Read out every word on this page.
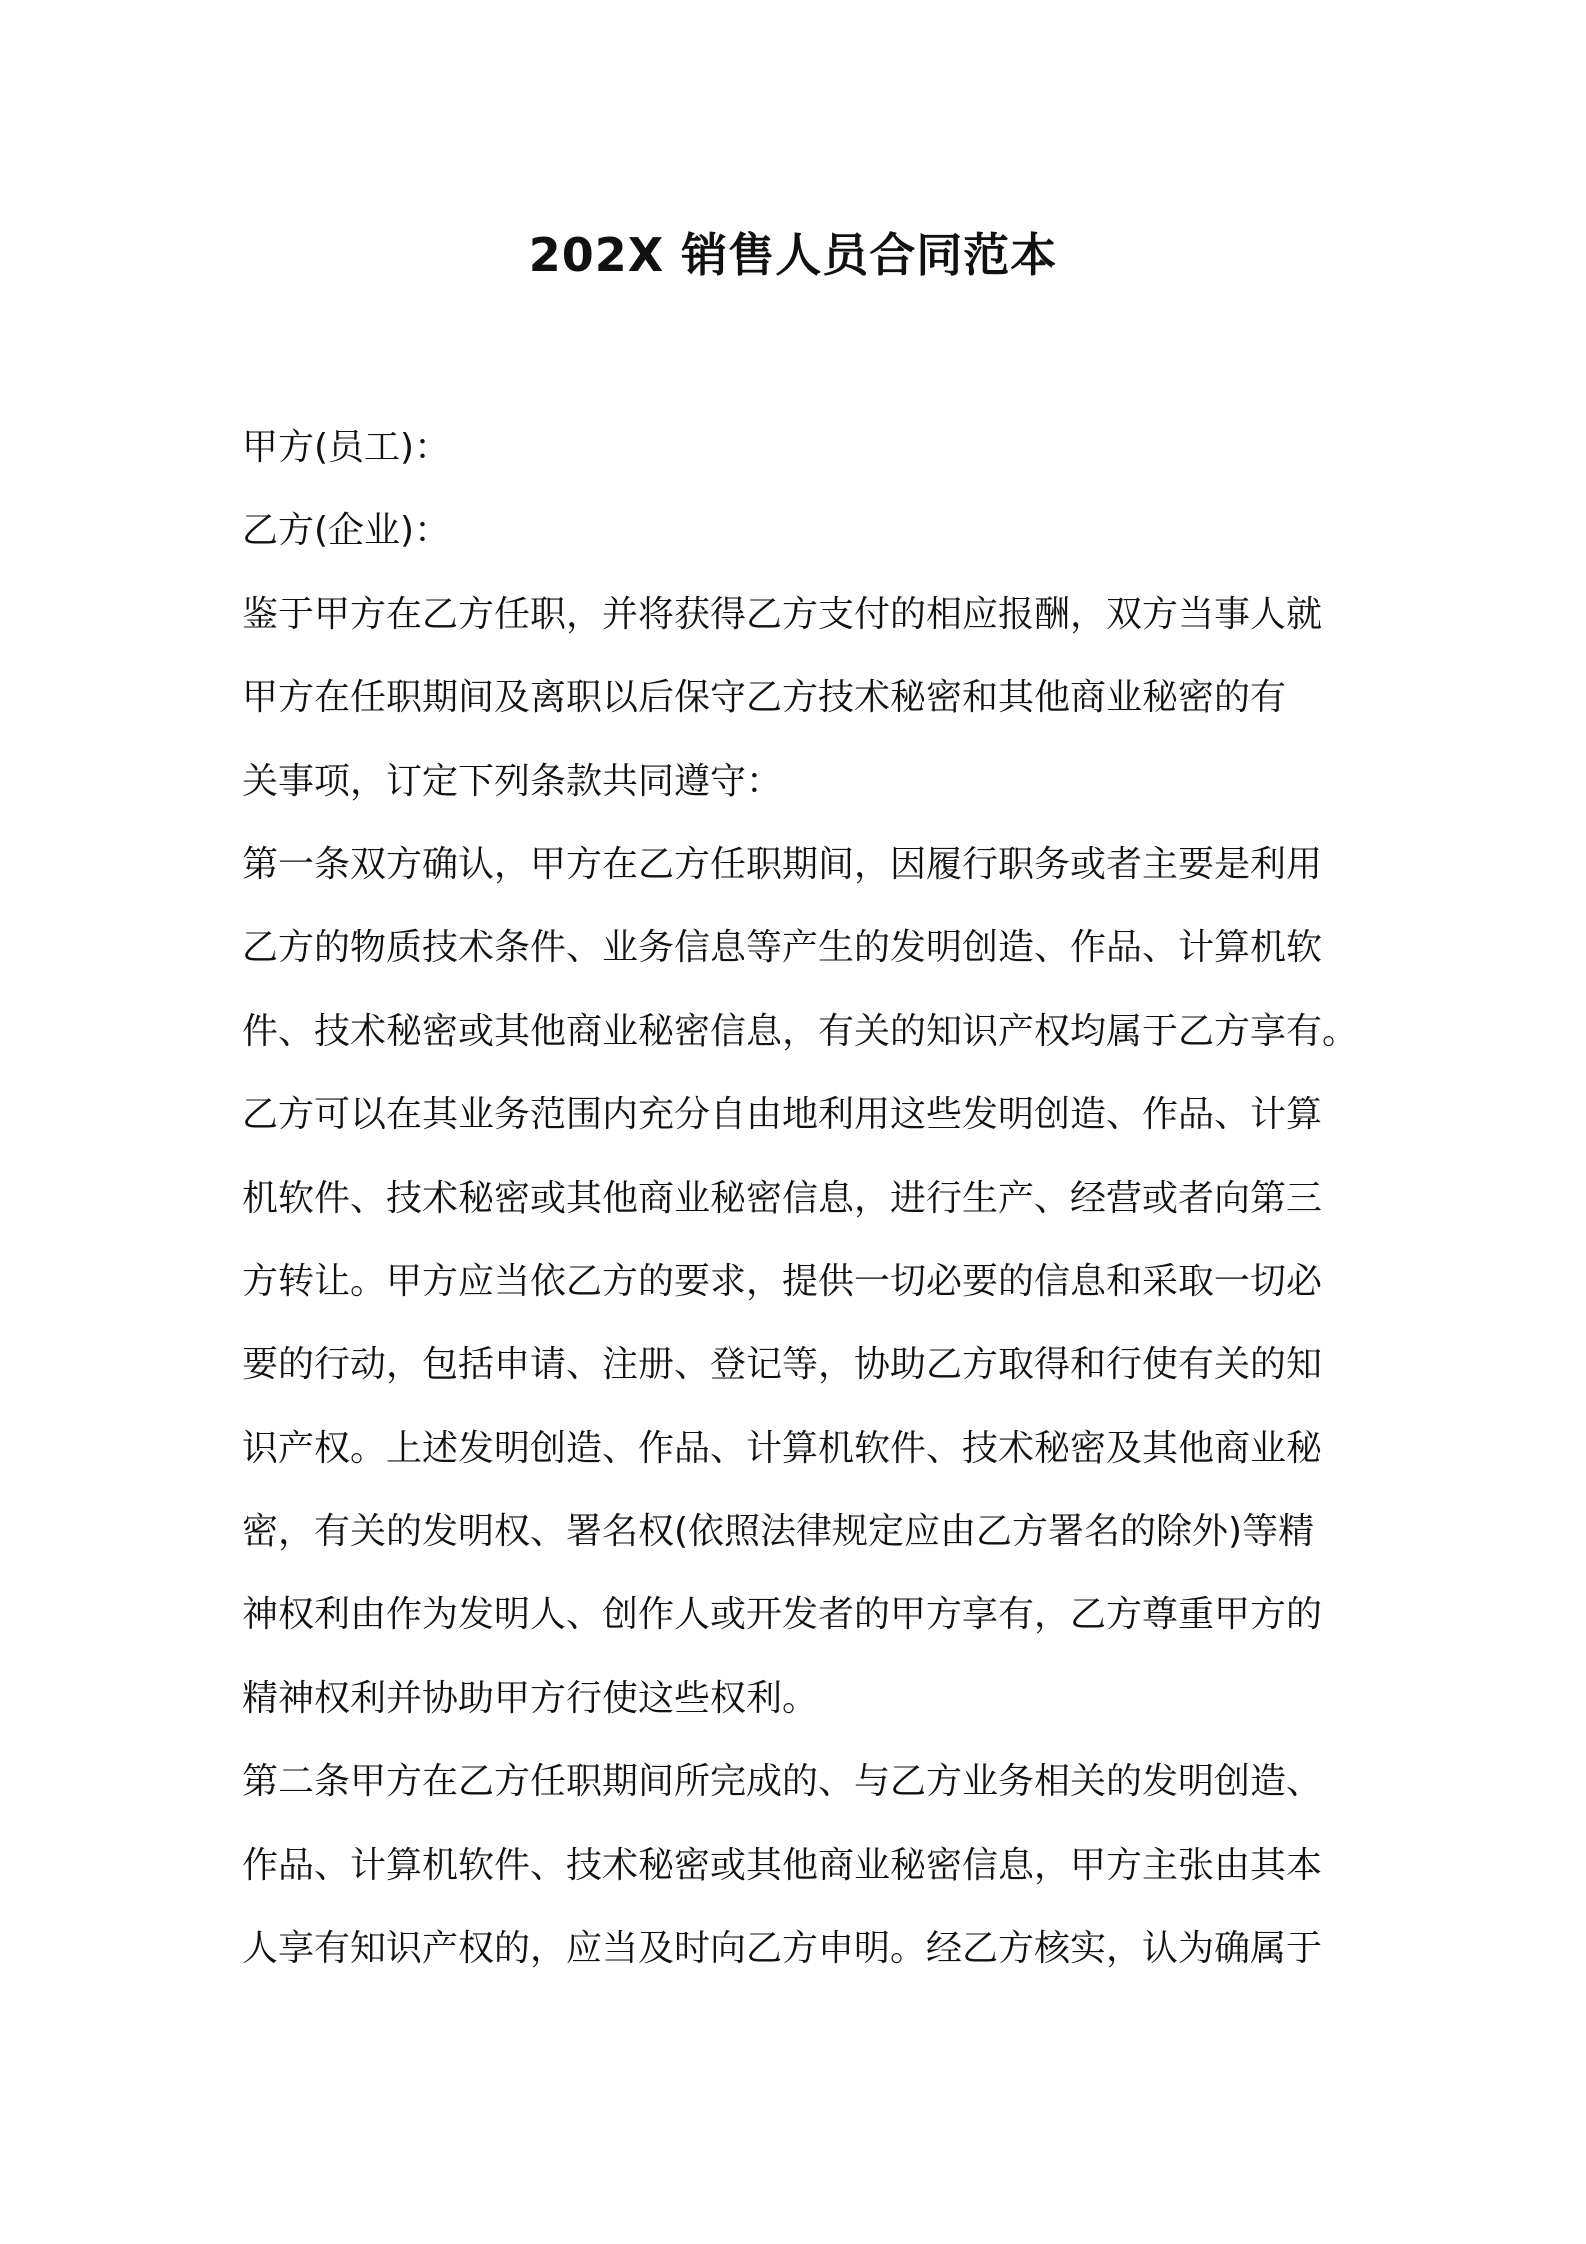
202X 销售人员合同范本
甲方(员工)：
乙方(企业)：
鉴于甲方在乙方任职，并将获得乙方支付的相应报酬，双方当事人就
甲方在任职期间及离职以后保守乙方技术秘密和其他商业秘密的有
关事项，订定下列条款共同遵守：
第一条双方确认，甲方在乙方任职期间，因履行职务或者主要是利用
乙方的物质技术条件、业务信息等产生的发明创造、作品、计算机软
件、技术秘密或其他商业秘密信息，有关的知识产权均属于乙方享有。
乙方可以在其业务范围内充分自由地利用这些发明创造、作品、计算
机软件、技术秘密或其他商业秘密信息，进行生产、经营或者向第三
方转让。甲方应当依乙方的要求，提供一切必要的信息和采取一切必
要的行动，包括申请、注册、登记等，协助乙方取得和行使有关的知
识产权。上述发明创造、作品、计算机软件、技术秘密及其他商业秘
密，有关的发明权、署名权(依照法律规定应由乙方署名的除外)等精
神权利由作为发明人、创作人或开发者的甲方享有，乙方尊重甲方的
精神权利并协助甲方行使这些权利。
第二条甲方在乙方任职期间所完成的、与乙方业务相关的发明创造、
作品、计算机软件、技术秘密或其他商业秘密信息，甲方主张由其本
人享有知识产权的，应当及时向乙方申明。经乙方核实，认为确属于
